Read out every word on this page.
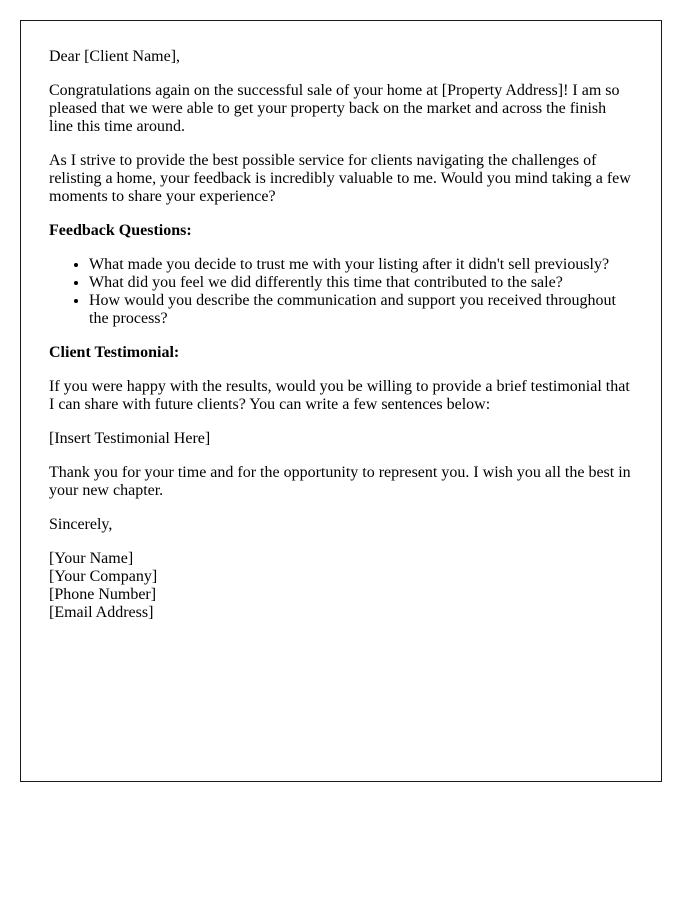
Dear [Client Name],

Congratulations again on the successful sale of your home at [Property Address]! I am so pleased that we were able to get your property back on the market and across the finish line this time around.

As I strive to provide the best possible service for clients navigating the challenges of relisting a home, your feedback is incredibly valuable to me. Would you mind taking a few moments to share your experience?

Feedback Questions:

• What made you decide to trust me with your listing after it didn't sell previously?
• What did you feel we did differently this time that contributed to the sale?
• How would you describe the communication and support you received throughout the process?

Client Testimonial:

If you were happy with the results, would you be willing to provide a brief testimonial that I can share with future clients? You can write a few sentences below:

[Insert Testimonial Here]

Thank you for your time and for the opportunity to represent you. I wish you all the best in your new chapter.

Sincerely,

[Your Name]
[Your Company]
[Phone Number]
[Email Address]
